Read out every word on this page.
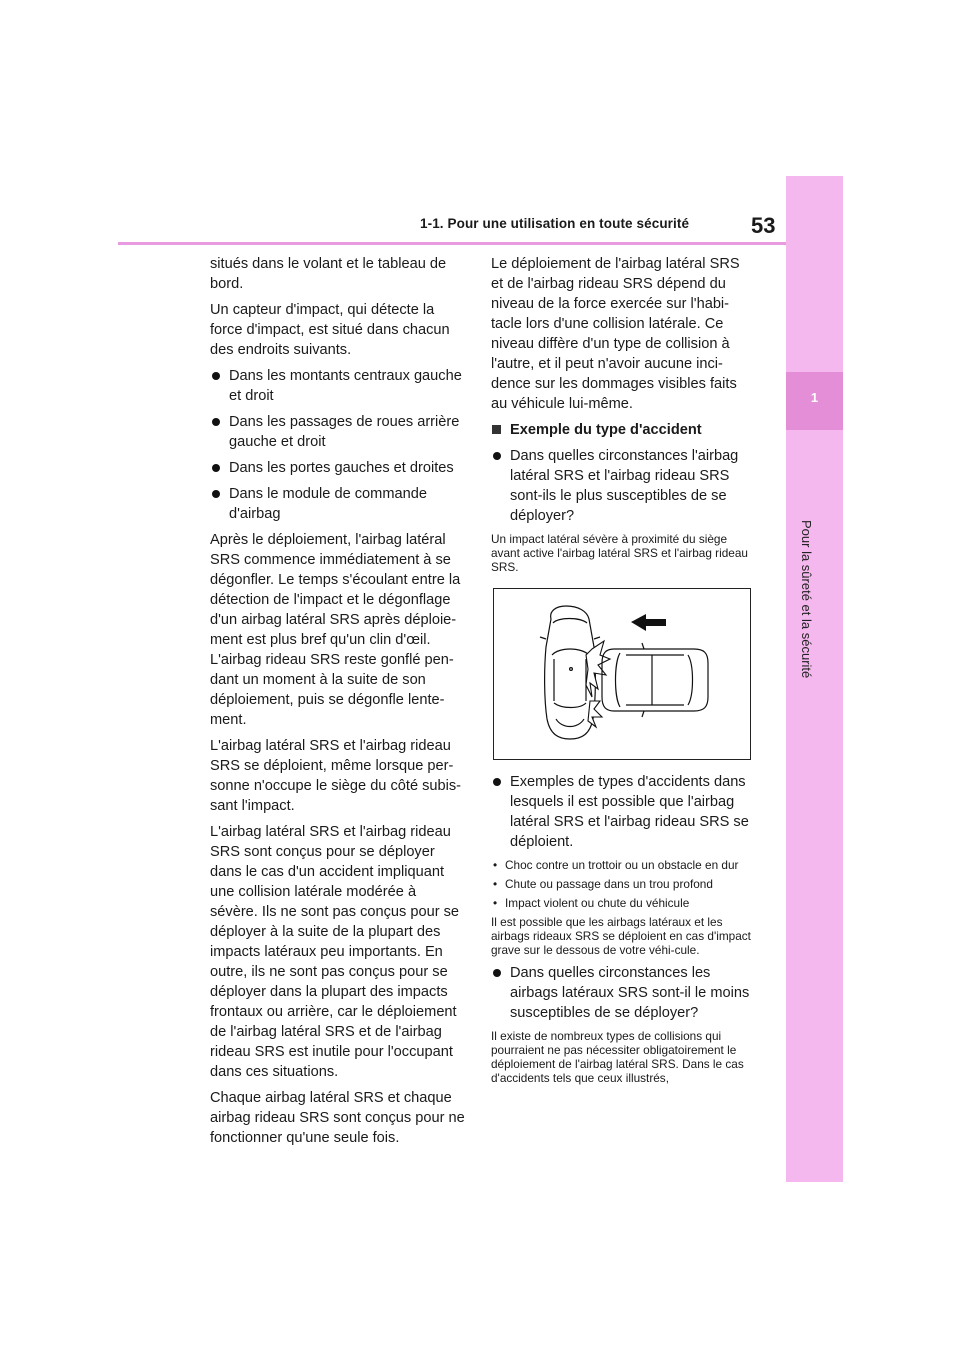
1-1. Pour une utilisation en toute sécurité	53
1
Pour la sûreté et la sécurité

situés dans le volant et le tableau de bord.

Un capteur d'impact, qui détecte la force d'impact, est situé dans chacun des endroits suivants.

Dans les montants centraux gauche et droit
Dans les passages de roues arrière gauche et droit
Dans les portes gauches et droites
Dans le module de commande d'airbag

Après le déploiement, l'airbag latéral SRS commence immédiatement à se dégonfler. Le temps s'écoulant entre la détection de l'impact et le dégonflage d'un airbag latéral SRS après déploie-ment est plus bref qu'un clin d'œil. L'airbag rideau SRS reste gonflé pen-dant un moment à la suite de son déploiement, puis se dégonfle lente-ment.

L'airbag latéral SRS et l'airbag rideau SRS se déploient, même lorsque per-sonne n'occupe le siège du côté subis-sant l'impact.

L'airbag latéral SRS et l'airbag rideau SRS sont conçus pour se déployer dans le cas d'un accident impliquant une collision latérale modérée à sévère. Ils ne sont pas conçus pour se déployer à la suite de la plupart des impacts latéraux peu importants. En outre, ils ne sont pas conçus pour se déployer dans la plupart des impacts frontaux ou arrière, car le déploiement de l'airbag latéral SRS et de l'airbag rideau SRS est inutile pour l'occupant dans ces situations.

Chaque airbag latéral SRS et chaque airbag rideau SRS sont conçus pour ne fonctionner qu'une seule fois.

Le déploiement de l'airbag latéral SRS et de l'airbag rideau SRS dépend du niveau de la force exercée sur l'habi-tacle lors d'une collision latérale. Ce niveau diffère d'un type de collision à l'autre, et il peut n'avoir aucune inci-dence sur les dommages visibles faits au véhicule lui-même.

Exemple du type d'accident
Dans quelles circonstances l'airbag latéral SRS et l'airbag rideau SRS sont-ils le plus susceptibles de se déployer?
Un impact latéral sévère à proximité du siège avant active l'airbag latéral SRS et l'airbag rideau SRS.
Exemples de types d'accidents dans lesquels il est possible que l'airbag latéral SRS et l'airbag rideau SRS se déploient.
• Choc contre un trottoir ou un obstacle en dur
• Chute ou passage dans un trou profond
• Impact violent ou chute du véhicule
Il est possible que les airbags latéraux et les airbags rideaux SRS se déploient en cas d'impact grave sur le dessous de votre véhi-cule.
Dans quelles circonstances les airbags latéraux SRS sont-il le moins susceptibles de se déployer?
Il existe de nombreux types de collisions qui pourraient ne pas nécessiter obligatoirement le déploiement de l'airbag latéral SRS. Dans le cas d'accidents tels que ceux illustrés,
